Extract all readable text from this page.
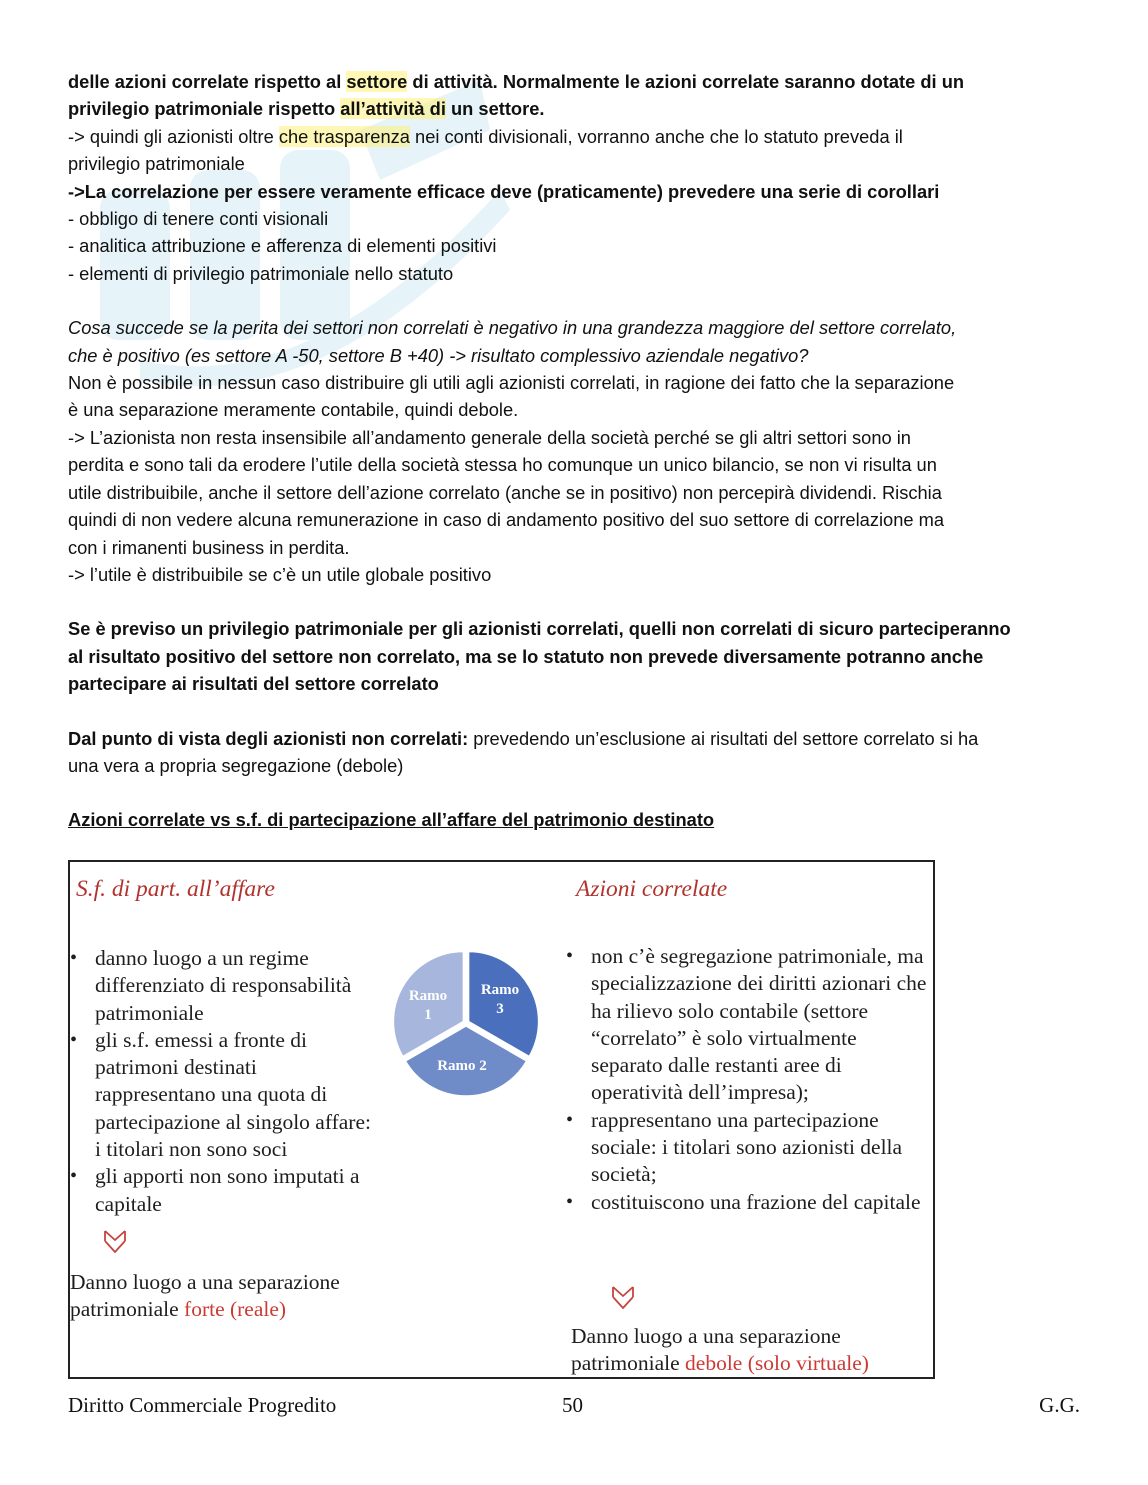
delle azioni correlate rispetto al settore di attività. Normalmente le azioni correlate saranno dotate di un

privilegio patrimoniale rispetto all’attività di un settore.

-> quindi gli azionisti oltre che trasparenza nei conti divisionali, vorranno anche che lo statuto preveda il

privilegio patrimoniale

->La correlazione per essere veramente efficace deve (praticamente) prevedere una serie di corollari

- obbligo di tenere conti visionali

- analitica attribuzione e afferenza di elementi positivi

- elementi di privilegio patrimoniale nello statuto

Cosa succede se la perita dei settori non correlati è negativo in una grandezza maggiore del settore correlato,

che è positivo (es settore A -50, settore B +40) -> risultato complessivo aziendale negativo?

Non è possibile in nessun caso distribuire gli utili agli azionisti correlati, in ragione dei fatto che la separazione

è una separazione meramente contabile, quindi debole.

-> L’azionista non resta insensibile all’andamento generale della società perché se gli altri settori sono in

perdita e sono tali da erodere l’utile della società stessa ho comunque un unico bilancio, se non vi risulta un

utile distribuibile, anche il settore dell’azione correlato (anche se in positivo) non percepirà dividendi. Rischia

quindi di non vedere alcuna remunerazione in caso di andamento positivo del suo settore di correlazione ma

con i rimanenti business in perdita.

-> l’utile è distribuibile se c’è un utile globale positivo

Se è previso un privilegio patrimoniale per gli azionisti correlati, quelli non correlati di sicuro parteciperanno

al risultato positivo del settore non correlato, ma se lo statuto non prevede diversamente potranno anche

partecipare ai risultati del settore correlato

Dal punto di vista degli azionisti non correlati: prevedendo un’esclusione ai risultati del settore correlato si ha

una vera a propria segregazione (debole)

Azioni correlate vs s.f. di partecipazione all’affare del patrimonio destinato

S.f. di part. all’affare	Azioni correlate
• danno luogo a un regime differenziato di responsabilità patrimoniale
• gli s.f. emessi a fronte di patrimoni destinati rappresentano una quota di partecipazione al singolo affare: i titolari non sono soci
• gli apporti non sono imputati a capitale
Danno luogo a una separazione patrimoniale forte (reale)
Ramo
3
Ramo 2
Ramo
1
• non c’è segregazione patrimoniale, ma specializzazione dei diritti azionari che ha rilievo solo contabile (settore “correlato” è solo virtualmente separato dalle restanti aree di operatività dell’impresa);
• rappresentano una partecipazione sociale: i titolari sono azionisti della società;
• costituiscono una frazione del capitale
Danno luogo a una separazione patrimoniale debole (solo virtuale)
Diritto Commerciale Progredito	50	G.G.
